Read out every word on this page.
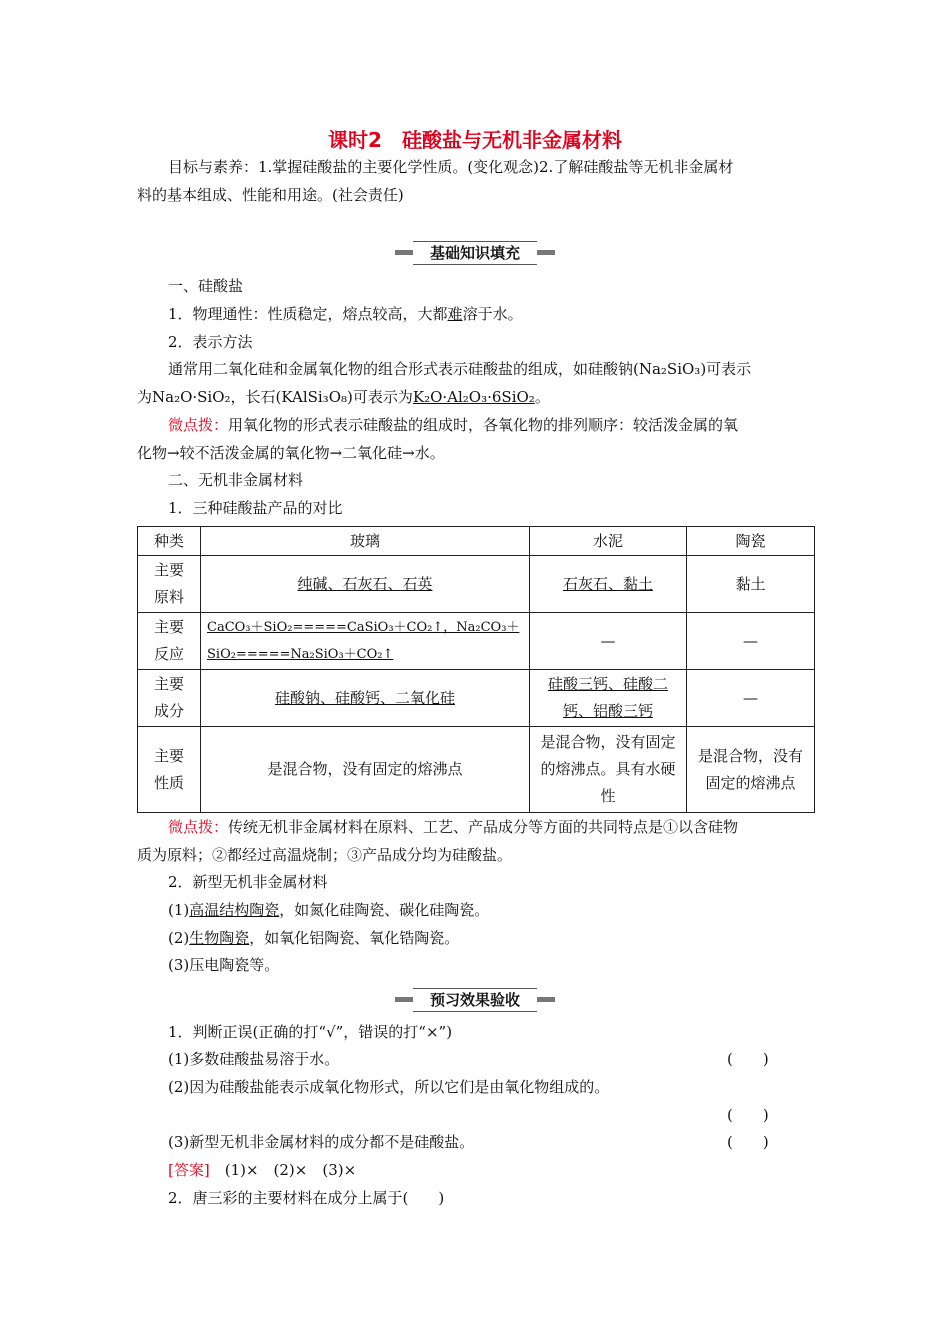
课时2　硅酸盐与无机非金属材料
目标与素养：1.掌握硅酸盐的主要化学性质。(变化观念)2.了解硅酸盐等无机非金属材
料的基本组成、性能和用途。(社会责任)
基础知识填充
一、硅酸盐
1．物理通性：性质稳定，熔点较高，大都难溶于水。
2．表示方法
通常用二氧化硅和金属氧化物的组合形式表示硅酸盐的组成，如硅酸钠(Na₂SiO₃)可表示
为Na₂O·SiO₂，长石(KAlSi₃O₈)可表示为K₂O·Al₂O₃·6SiO₂。
微点拨：用氧化物的形式表示硅酸盐的组成时，各氧化物的排列顺序：较活泼金属的氧
化物→较不活泼金属的氧化物→二氧化硅→水。
二、无机非金属材料
1．三种硅酸盐产品的对比
种类	玻璃	水泥	陶瓷
主要原料	纯碱、石灰石、石英	石灰石、黏土	黏土
主要反应	CaCO₃＋SiO₂=====CaSiO₃＋CO₂↑，Na₂CO₃＋
SiO₂=====Na₂SiO₃＋CO₂↑	—	—
主要成分	硅酸钠、硅酸钙、二氧化硅	硅酸三钙、硅酸二钙、铝酸三钙	—
主要性质	是混合物，没有固定的熔沸点	是混合物，没有固定的熔沸点。具有水硬性	是混合物，没有固定的熔沸点
微点拨：传统无机非金属材料在原料、工艺、产品成分等方面的共同特点是①以含硅物
质为原料；②都经过高温烧制；③产品成分均为硅酸盐。
2．新型无机非金属材料
(1)高温结构陶瓷，如氮化硅陶瓷、碳化硅陶瓷。
(2)生物陶瓷，如氧化铝陶瓷、氧化锆陶瓷。
(3)压电陶瓷等。
预习效果验收
1．判断正误(正确的打“√”，错误的打“×”)
(1)多数硅酸盐易溶于水。	(　　)
(2)因为硅酸盐能表示成氧化物形式，所以它们是由氧化物组成的。
(　　)
(3)新型无机非金属材料的成分都不是硅酸盐。	(　　)
[答案]　(1)×　(2)×　(3)×
2．唐三彩的主要材料在成分上属于(　　)
